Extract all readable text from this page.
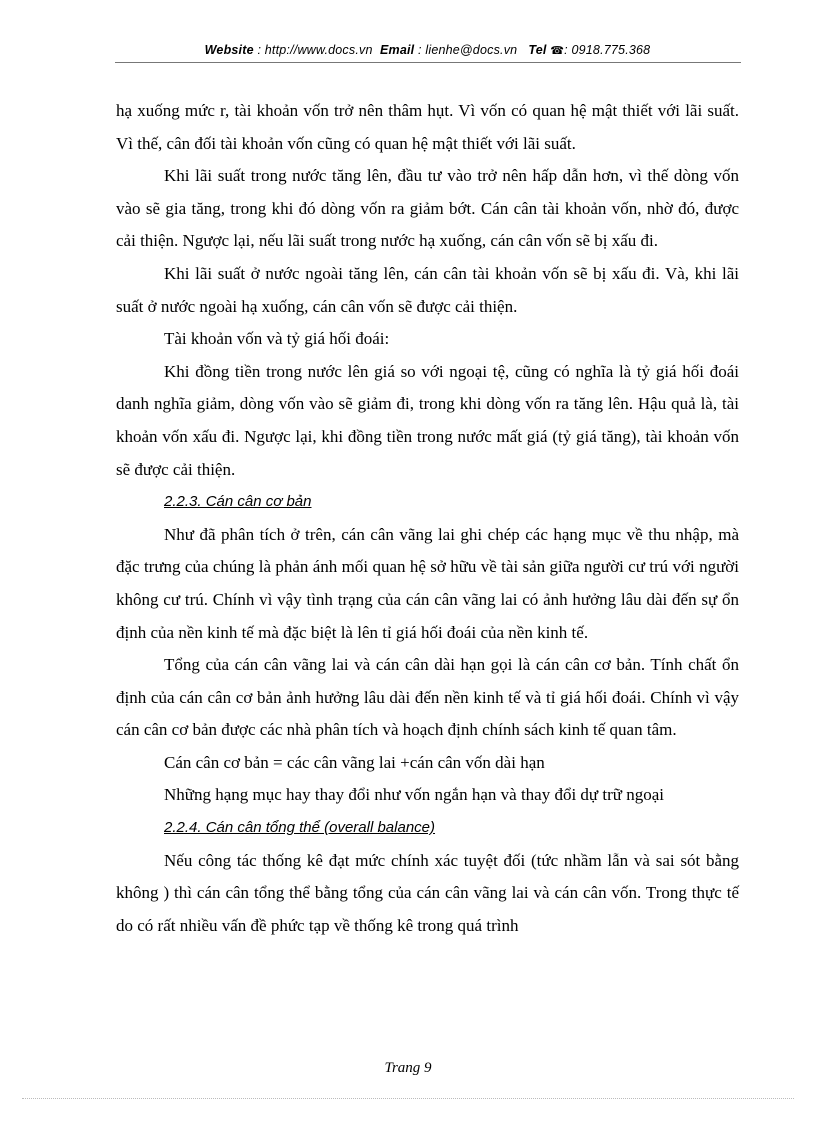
Website : http://www.docs.vn Email : lienhe@docs.vn Tel ☎: 0918.775.368

hạ xuống mức r, tài khoản vốn trở nên thâm hụt. Vì vốn có quan hệ mật thiết với lãi suất. Vì thế, cân đối tài khoản vốn cũng có quan hệ mật thiết với lãi suất.

Khi lãi suất trong nước tăng lên, đầu tư vào trở nên hấp dẫn hơn, vì thế dòng vốn vào sẽ gia tăng, trong khi đó dòng vốn ra giảm bớt. Cán cân tài khoản vốn, nhờ đó, được cải thiện. Ngược lại, nếu lãi suất trong nước hạ xuống, cán cân vốn sẽ bị xấu đi.

Khi lãi suất ở nước ngoài tăng lên, cán cân tài khoản vốn sẽ bị xấu đi. Và, khi lãi suất ở nước ngoài hạ xuống, cán cân vốn sẽ được cải thiện.

Tài khoản vốn và tỷ giá hối đoái:

Khi đồng tiền trong nước lên giá so với ngoại tệ, cũng có nghĩa là tỷ giá hối đoái danh nghĩa giảm, dòng vốn vào sẽ giảm đi, trong khi dòng vốn ra tăng lên. Hậu quả là, tài khoản vốn xấu đi. Ngược lại, khi đồng tiền trong nước mất giá (tỷ giá tăng), tài khoản vốn sẽ được cải thiện.

2.2.3. Cán cân cơ bản

Như đã phân tích ở trên, cán cân vãng lai ghi chép các hạng mục về thu nhập, mà đặc trưng của chúng là phản ánh mối quan hệ sở hữu về tài sản giữa người cư trú với người không cư trú. Chính vì vậy tình trạng của cán cân vãng lai có ảnh hưởng lâu dài đến sự ổn định của nền kinh tế mà đặc biệt là lên tỉ giá hối đoái của nền kinh tế.

Tổng của cán cân vãng lai và cán cân dài hạn gọi là cán cân cơ bản. Tính chất ổn định của cán cân cơ bản ảnh hưởng lâu dài đến nền kinh tế và tỉ giá hối đoái. Chính vì vậy cán cân cơ bản được các nhà phân tích và hoạch định chính sách kinh tế quan tâm.

Cán cân cơ bản = các cân vãng lai +cán cân vốn dài hạn

Những hạng mục hay thay đổi như vốn ngắn hạn và thay đổi dự trữ ngoại

2.2.4. Cán cân tổng thể (overall balance)

Nếu công tác thống kê đạt mức chính xác tuyệt đối (tức nhầm lẫn và sai sót bằng không ) thì cán cân tổng thể bằng tổng của cán cân vãng lai và cán cân vốn. Trong thực tế do có rất nhiều vấn đề phức tạp về thống kê trong quá trình

Trang 9
